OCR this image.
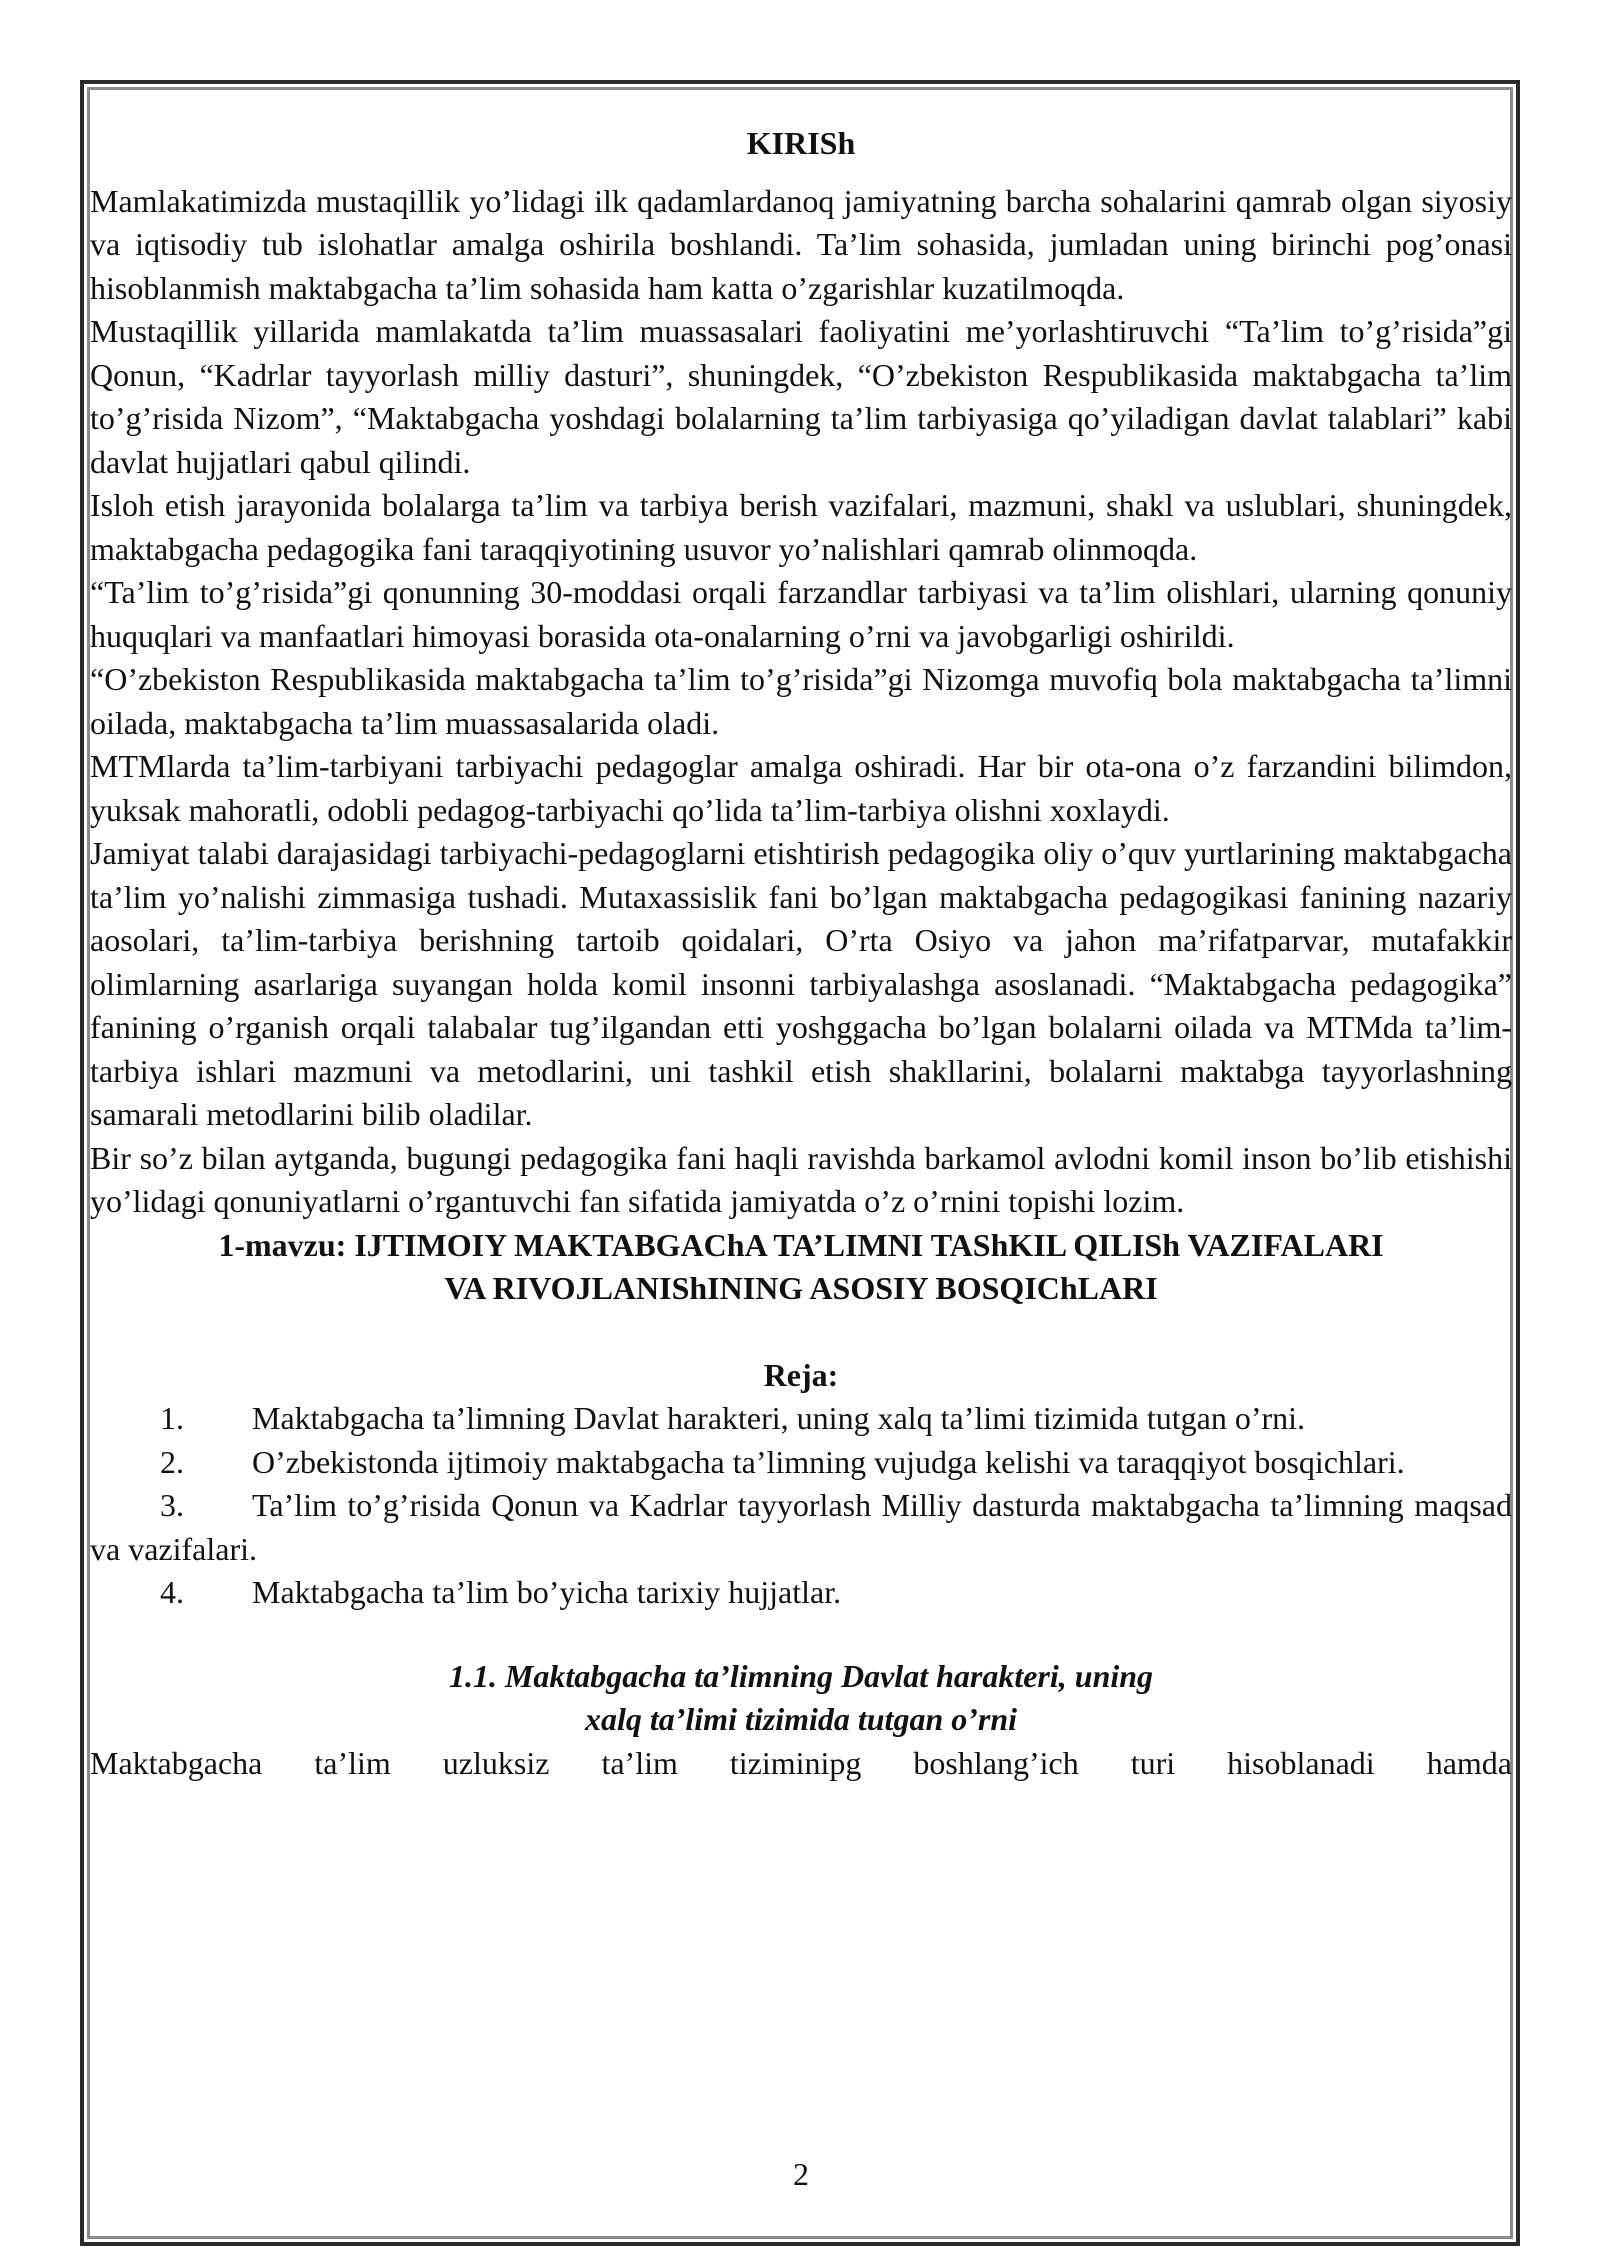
KIRISh

Mamlakatimizda mustaqillik yo’lidagi ilk qadamlardanoq jamiyatning barcha sohalarini qamrab olgan siyosiy va iqtisodiy tub islohatlar amalga oshirila boshlandi. Ta’lim sohasida, jumladan uning birinchi pog’onasi hisoblanmish maktabgacha ta’lim sohasida ham katta o’zgarishlar kuzatilmoqda.

Mustaqillik yillarida mamlakatda ta’lim muassasalari faoliyatini me’yorlashtiruvchi “Ta’lim to’g’risida”gi Qonun, “Kadrlar tayyorlash milliy dasturi”, shuningdek, “O’zbekiston Respublikasida maktabgacha ta’lim to’g’risida Nizom”, “Maktabgacha yoshdagi bolalarning ta’lim tarbiyasiga qo’yiladigan davlat talablari” kabi davlat hujjatlari qabul qilindi.

Isloh etish jarayonida bolalarga ta’lim va tarbiya berish vazifalari, mazmuni, shakl va uslublari, shuningdek, maktabgacha pedagogika fani taraqqiyotining usuvor yo’nalishlari qamrab olinmoqda.

“Ta’lim to’g’risida”gi qonunning 30-moddasi orqali farzandlar tarbiyasi va ta’lim olishlari, ularning qonuniy huquqlari va manfaatlari himoyasi borasida ota-onalarning o’rni va javobgarligi oshirildi.

“O’zbekiston Respublikasida maktabgacha ta’lim to’g’risida”gi Nizomga muvofiq bola maktabgacha ta’limni oilada, maktabgacha ta’lim muassasalarida oladi.

MTMlarda ta’lim-tarbiyani tarbiyachi pedagoglar amalga oshiradi. Har bir ota-ona o’z farzandini bilimdon, yuksak mahoratli, odobli pedagog-tarbiyachi qo’lida ta’lim-tarbiya olishni xoxlaydi.

Jamiyat talabi darajasidagi tarbiyachi-pedagoglarni etishtirish pedagogika oliy o’quv yurtlarining maktabgacha ta’lim yo’nalishi zimmasiga tushadi. Mutaxassislik fani bo’lgan maktabgacha pedagogikasi fanining nazariy aosolari, ta’lim-tarbiya berishning tartoib qoidalari, O’rta Osiyo va jahon ma’rifatparvar, mutafakkir olimlarning asarlariga suyangan holda komil insonni tarbiyalashga asoslanadi. “Maktabgacha pedagogika” fanining o’rganish orqali talabalar tug’ilgandan etti yoshggacha bo’lgan bolalarni oilada va MTMda ta’lim-tarbiya ishlari mazmuni va metodlarini, uni tashkil etish shakllarini, bolalarni maktabga tayyorlashning samarali metodlarini bilib oladilar.

Bir so’z bilan aytganda, bugungi pedagogika fani haqli ravishda barkamol avlodni komil inson bo’lib etishishi yo’lidagi qonuniyatlarni o’rgantuvchi fan sifatida jamiyatda o’z o’rnini topishi lozim.

1-mavzu: IJTIMOIY MAKTABGAChA TA’LIMNI TAShKIL QILISh VAZIFALARI
VA RIVOJLANIShINING ASOSIY BOSQIChLARI
Reja:

1. Maktabgacha ta’limning Davlat harakteri, uning xalq ta’limi tizimida tutgan o’rni.

2. O’zbekistonda ijtimoiy maktabgacha ta’limning vujudga kelishi va taraqqiyot bosqichlari.

3. Ta’lim to’g’risida Qonun va Kadrlar tayyorlash Milliy dasturda maktabgacha ta’limning maqsad va vazifalari.

4. Maktabgacha ta’lim bo’yicha tarixiy hujjatlar.

1.1. Maktabgacha ta’limning Davlat harakteri, uning
xalq ta’limi tizimida tutgan o’rni

Maktabgacha ta’lim uzluksiz ta’lim tiziminipg boshlang’ich turi hisoblanadi hamda

2
